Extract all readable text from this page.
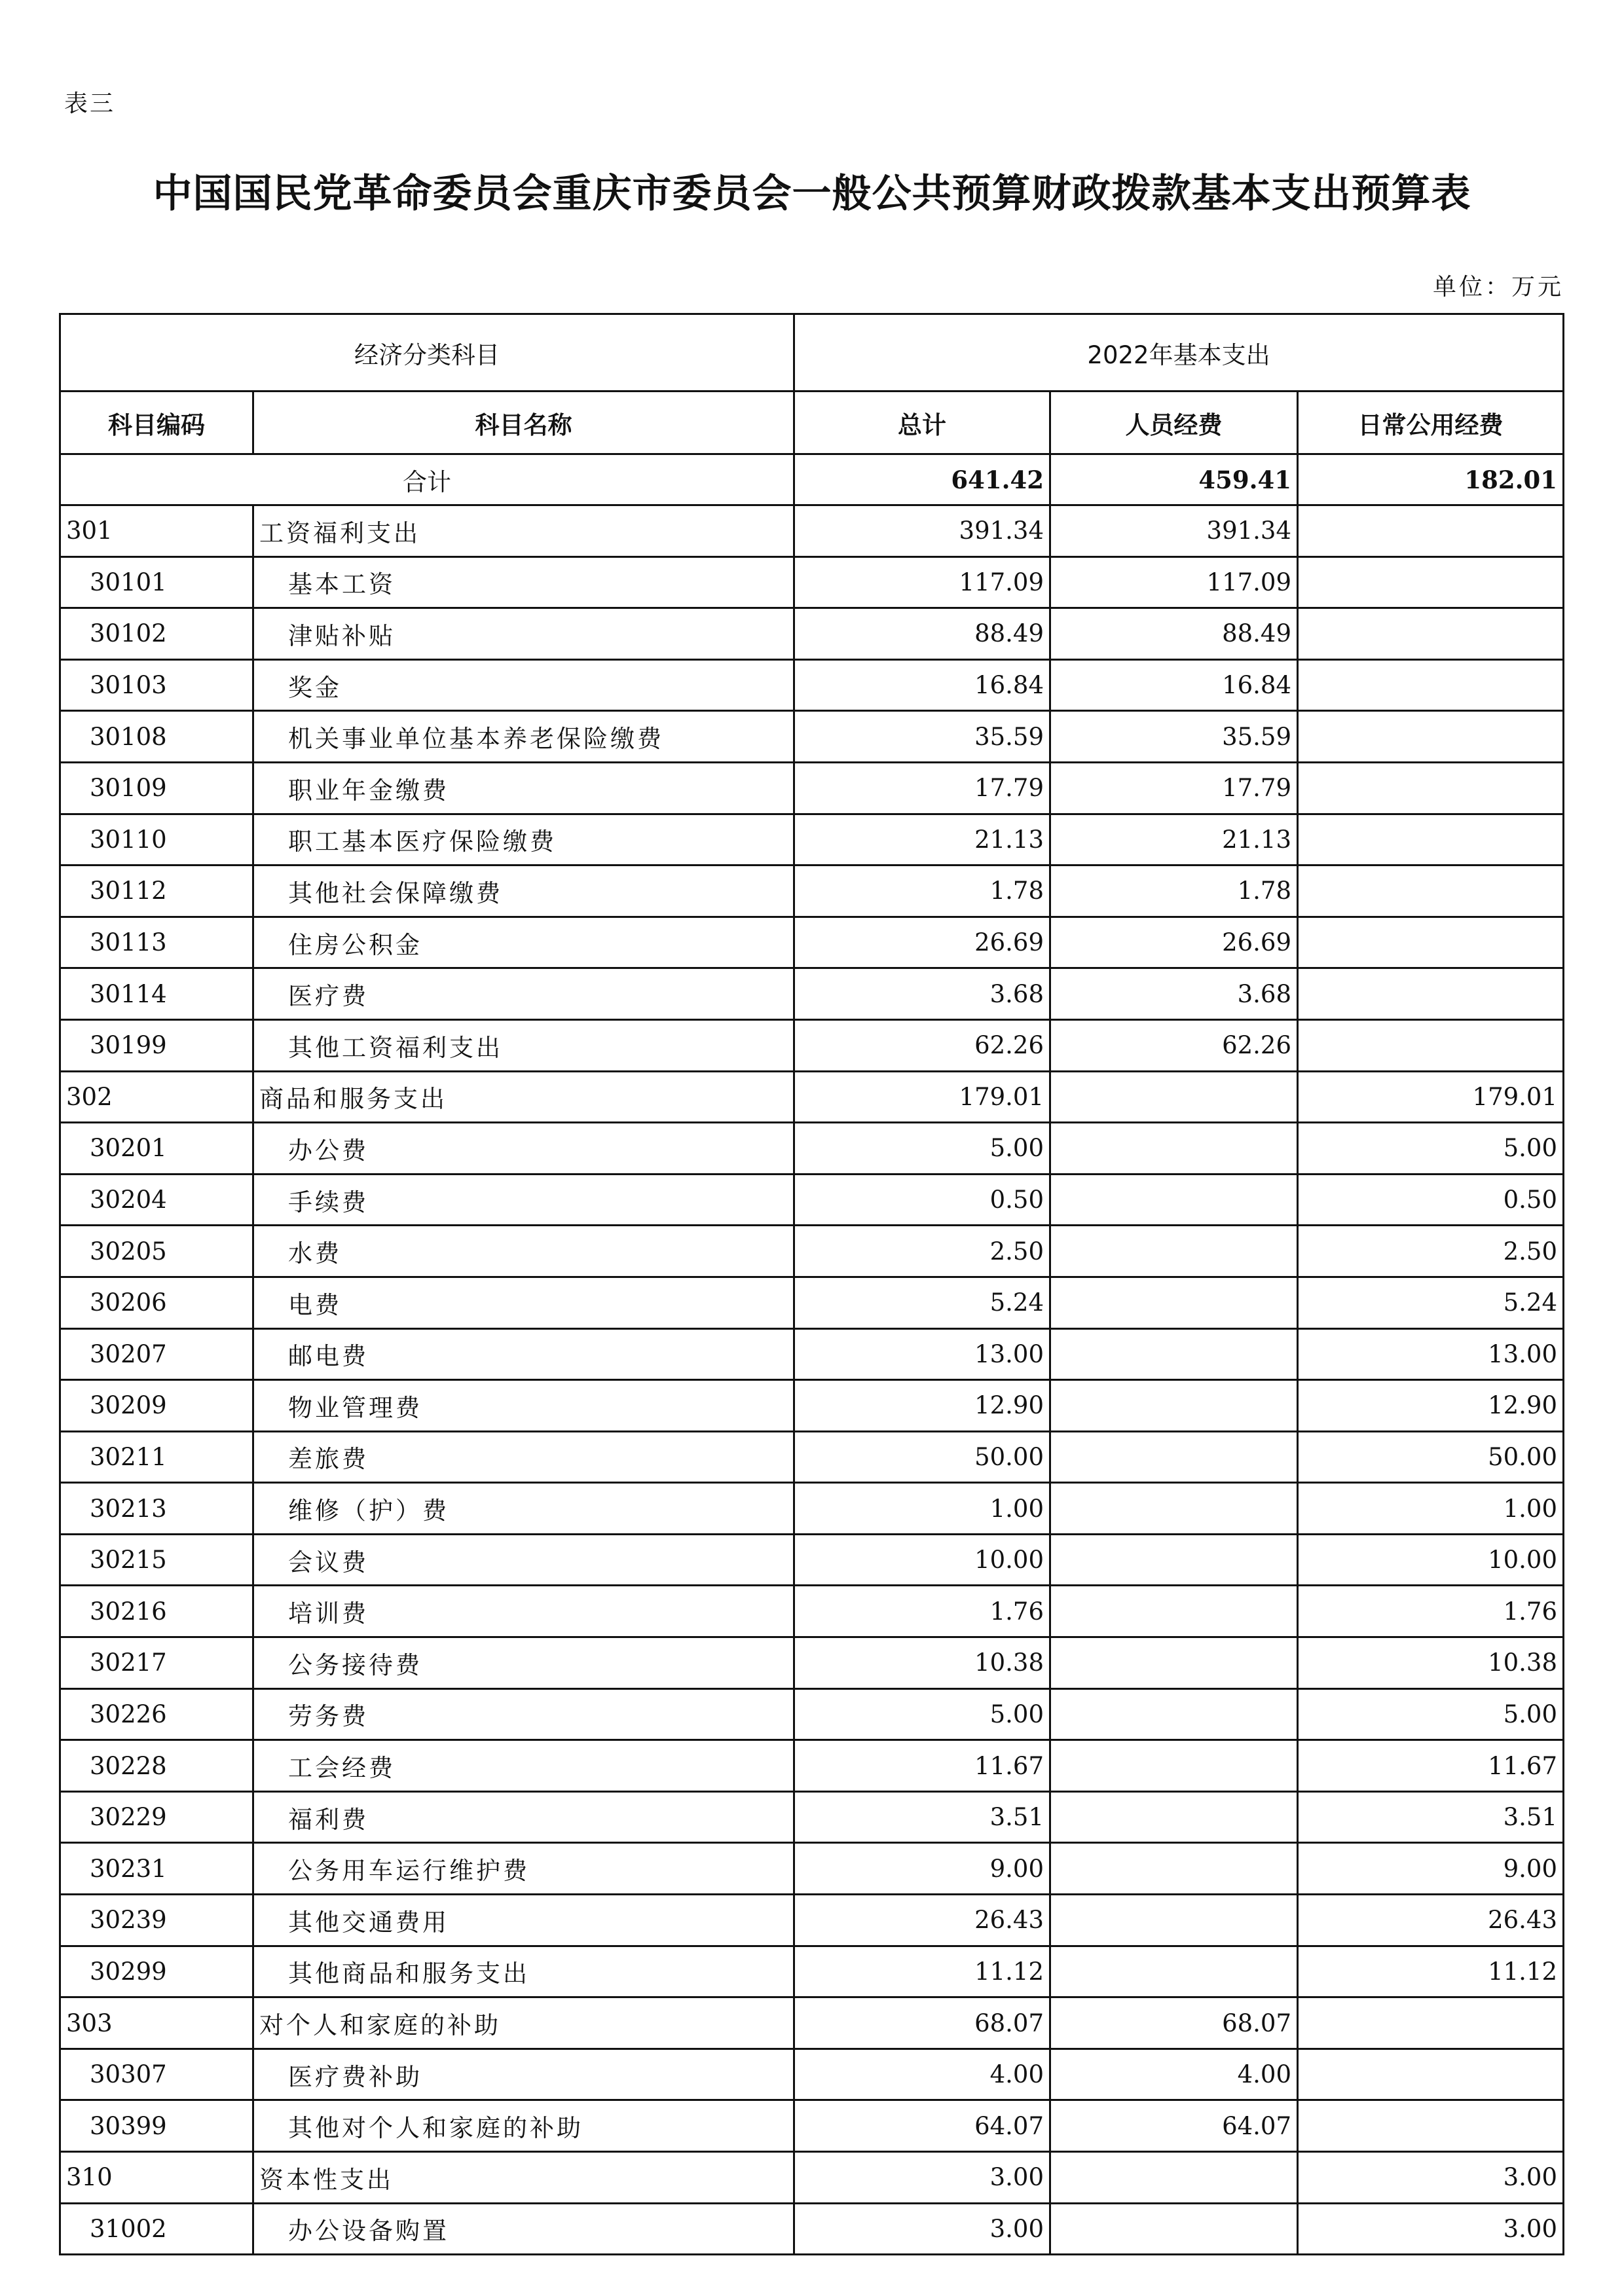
表三
中国国民党革命委员会重庆市委员会一般公共预算财政拨款基本支出预算表
单位：万元
经济分类科目		2022年基本支出		
科目编码	科目名称	总计	人员经费	日常公用经费
合计		641.42	459.41	182.01
301	工资福利支出	391.34	391.34	
30101	基本工资	117.09	117.09	
30102	津贴补贴	88.49	88.49	
30103	奖金	16.84	16.84	
30108	机关事业单位基本养老保险缴费	35.59	35.59	
30109	职业年金缴费	17.79	17.79	
30110	职工基本医疗保险缴费	21.13	21.13	
30112	其他社会保障缴费	1.78	1.78	
30113	住房公积金	26.69	26.69	
30114	医疗费	3.68	3.68	
30199	其他工资福利支出	62.26	62.26	
302	商品和服务支出	179.01		179.01
30201	办公费	5.00		5.00
30204	手续费	0.50		0.50
30205	水费	2.50		2.50
30206	电费	5.24		5.24
30207	邮电费	13.00		13.00
30209	物业管理费	12.90		12.90
30211	差旅费	50.00		50.00
30213	维修（护）费	1.00		1.00
30215	会议费	10.00		10.00
30216	培训费	1.76		1.76
30217	公务接待费	10.38		10.38
30226	劳务费	5.00		5.00
30228	工会经费	11.67		11.67
30229	福利费	3.51		3.51
30231	公务用车运行维护费	9.00		9.00
30239	其他交通费用	26.43		26.43
30299	其他商品和服务支出	11.12		11.12
303	对个人和家庭的补助	68.07	68.07	
30307	医疗费补助	4.00	4.00	
30399	其他对个人和家庭的补助	64.07	64.07	
310	资本性支出	3.00		3.00
31002	办公设备购置	3.00		3.00
